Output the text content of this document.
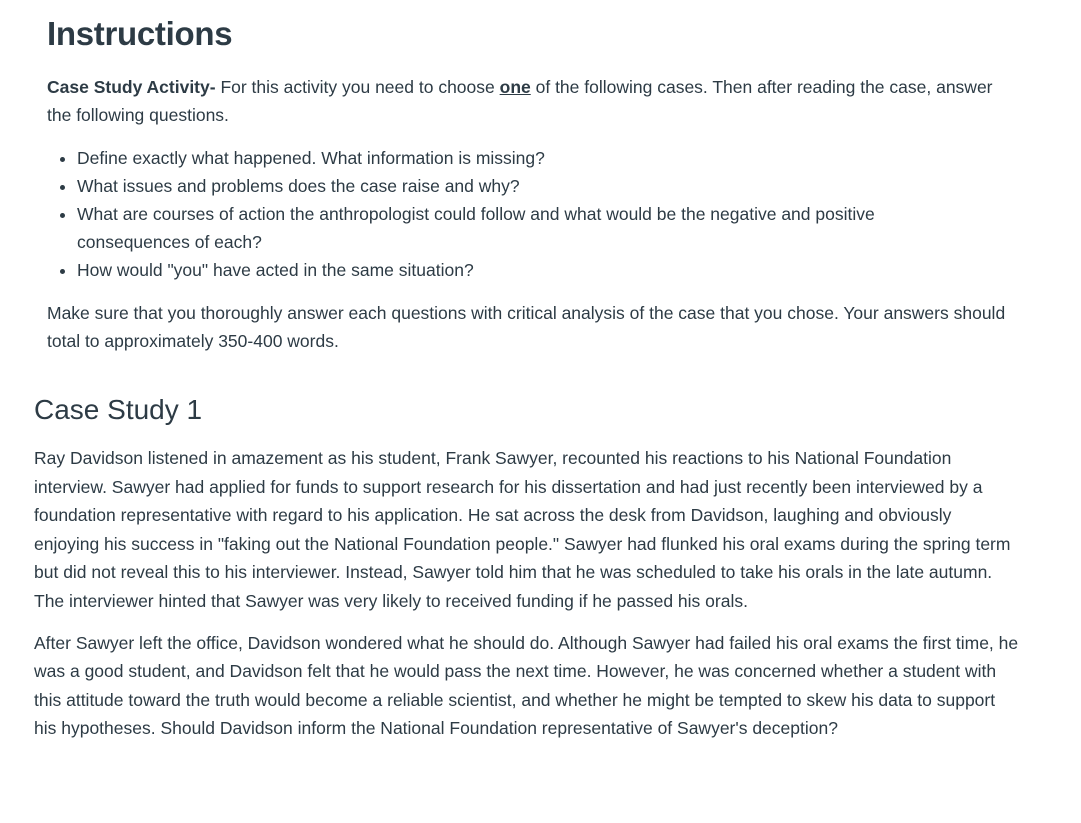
Instructions

Case Study Activity- For this activity you need to choose one of the following cases. Then after reading the case, answer the following questions.

• Define exactly what happened. What information is missing?
• What issues and problems does the case raise and why?
• What are courses of action the anthropologist could follow and what would be the negative and positive consequences of each?
• How would "you" have acted in the same situation?

Make sure that you thoroughly answer each questions with critical analysis of the case that you chose. Your answers should total to approximately 350-400 words.

Case Study 1

Ray Davidson listened in amazement as his student, Frank Sawyer, recounted his reactions to his National Foundation interview. Sawyer had applied for funds to support research for his dissertation and had just recently been interviewed by a foundation representative with regard to his application. He sat across the desk from Davidson, laughing and obviously enjoying his success in "faking out the National Foundation people." Sawyer had flunked his oral exams during the spring term but did not reveal this to his interviewer. Instead, Sawyer told him that he was scheduled to take his orals in the late autumn. The interviewer hinted that Sawyer was very likely to received funding if he passed his orals.

After Sawyer left the office, Davidson wondered what he should do. Although Sawyer had failed his oral exams the first time, he was a good student, and Davidson felt that he would pass the next time. However, he was concerned whether a student with this attitude toward the truth would become a reliable scientist, and whether he might be tempted to skew his data to support his hypotheses. Should Davidson inform the National Foundation representative of Sawyer's deception?
